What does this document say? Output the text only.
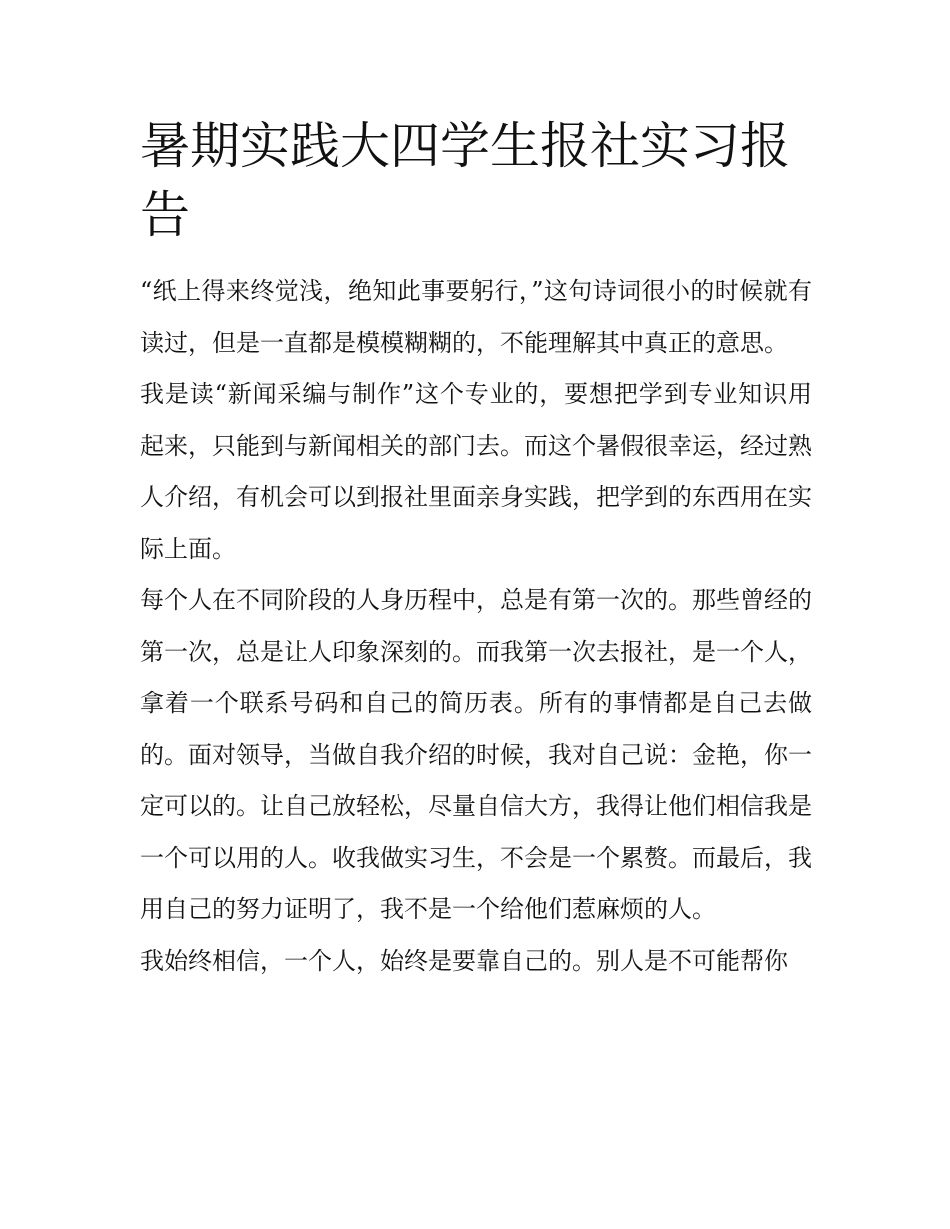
暑期实践大四学生报社实习报告

“纸上得来终觉浅，绝知此事要躬行，”这句诗词很小的时候就有读过，但是一直都是模模糊糊的，不能理解其中真正的意思。

我是读“新闻采编与制作”这个专业的，要想把学到专业知识用起来，只能到与新闻相关的部门去。而这个暑假很幸运，经过熟人介绍，有机会可以到报社里面亲身实践，把学到的东西用在实际上面。

每个人在不同阶段的人身历程中，总是有第一次的。那些曾经的第一次，总是让人印象深刻的。而我第一次去报社，是一个人，拿着一个联系号码和自己的简历表。所有的事情都是自己去做的。面对领导，当做自我介绍的时候，我对自己说：金艳，你一定可以的。让自己放轻松，尽量自信大方，我得让他们相信我是一个可以用的人。收我做实习生，不会是一个累赘。而最后，我用自己的努力证明了，我不是一个给他们惹麻烦的人。

我始终相信，一个人，始终是要靠自己的。别人是不可能帮你
